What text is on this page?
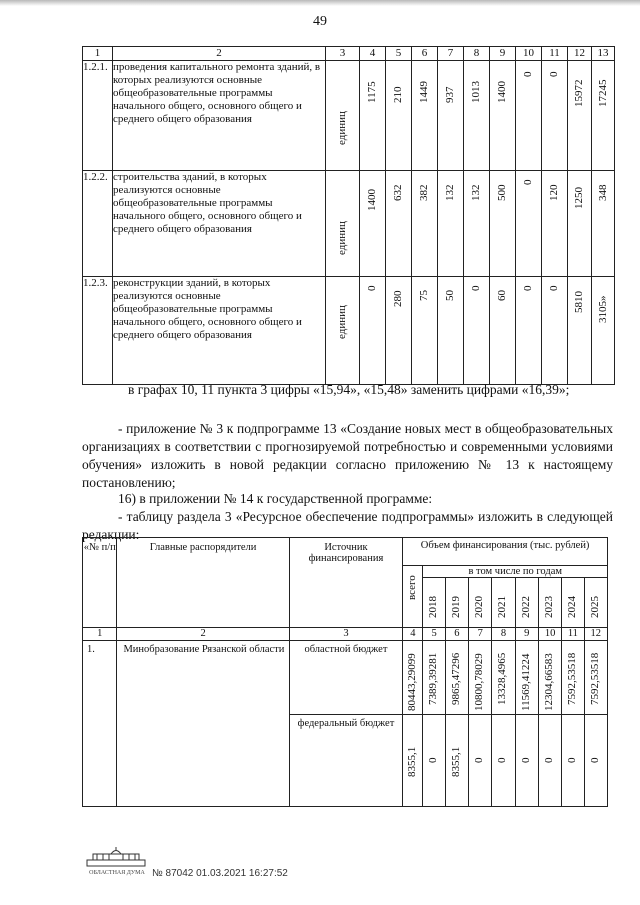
49
1	2	3	4	5	6	7	8	9	10	11	12	13
1.2.1.	проведения капитального ремонта зданий, в которых реализуются основные общеобразовательные программы начального общего, основного общего и среднего общего образования	единиц	1175	210	1449	937	1013	1400	0	0	15972	17245

1.2.2.	строительства зданий, в которых реализуются основные общеобразовательные программы начального общего, основного общего и среднего общего образования	единиц	1400	632	382	132	132	500	0	120	1250	348

1.2.3.	реконструкции зданий, в которых реализуются основные общеобразовательные программы начального общего, основного общего и среднего общего образования	единиц	0	280	75	50	0	60	0	0	5810	3105»
в графах 10, 11 пункта 3 цифры «15,94», «15,48» заменить цифрами «16,39»;
- приложение № 3 к подпрограмме 13 «Создание новых мест в общеобразовательных организациях в соответствии с прогнозируемой потребностью и современными условиями обучения» изложить в новой редакции согласно приложению № 13 к настоящему постановлению;
16) в приложении № 14 к государственной программе:
- таблицу раздела 3 «Ресурсное обеспечение подпрограммы» изложить в следующей редакции:
«№ п/п	Главные распорядители	Источник финансирования	Объем финансирования (тыс. рублей)								

			всего	в том числе по годам							

				2018	2019	2020	2021	2022	2023	2024	2025

1	2	3	4	5	6	7	8	9	10	11	12
1.	Минобразование Рязанской области	областной бюджет	80443,29099	7389,39281	9865,47296	10800,78029	13328,4965	11569,41224	12304,66583	7592,53518	7592,53518

		федеральный бюджет	8355,1	0	8355,1	0	0	0	0	0	0
ОБЛАСТНАЯ ДУМА № 87042 01.03.2021 16:27:52
